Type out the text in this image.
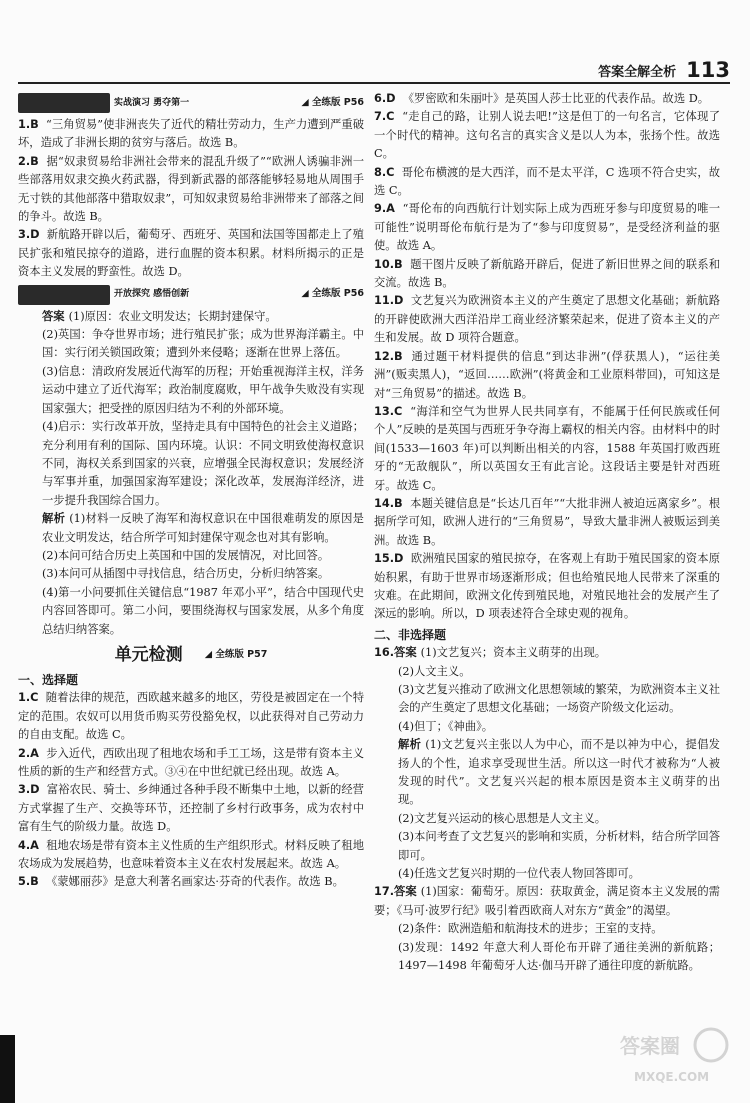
答案全解全析 113
实战演习 勇夺第一	◢ 全练版 P56

1.B “三角贸易”使非洲丧失了近代的精壮劳动力，生产力遭到严重破坏，造成了非洲长期的贫穷与落后。故选 B。

2.B 据“奴隶贸易给非洲社会带来的混乱升级了”“欧洲人诱骗非洲一些部落用奴隶交换火药武器，得到新武器的部落能够轻易地从周围手无寸铁的其他部落中猎取奴隶”，可知奴隶贸易给非洲带来了部落之间的争斗。故选 B。

3.D 新航路开辟以后，葡萄牙、西班牙、英国和法国等国都走上了殖民扩张和殖民掠夺的道路，进行血腥的资本积累。材料所揭示的正是资本主义发展的野蛮性。故选 D。

开放探究 感悟创新	◢ 全练版 P56

答案 (1)原因：农业文明发达；长期封建保守。

(2)英国：争夺世界市场；进行殖民扩张；成为世界海洋霸主。中国：实行闭关锁国政策；遭到外来侵略；逐渐在世界上落伍。

(3)信息：清政府发展近代海军的历程；开始重视海洋主权，洋务运动中建立了近代海军；政治制度腐败，甲午战争失败没有实现国家强大；把受挫的原因归结为不利的外部环境。

(4)启示：实行改革开放，坚持走具有中国特色的社会主义道路；充分利用有利的国际、国内环境。认识：不同文明致使海权意识不同，海权关系到国家的兴衰，应增强全民海权意识；发展经济与军事并重，加强国家海军建设；深化改革，发展海洋经济，进一步提升我国综合国力。

解析 (1)材料一反映了海军和海权意识在中国很难萌发的原因是农业文明发达，结合所学可知封建保守观念也对其有影响。

(2)本问可结合历史上英国和中国的发展情况，对比回答。

(3)本问可从插图中寻找信息，结合历史，分析归纳答案。

(4)第一小问要抓住关键信息“1987 年邓小平”，结合中国现代史内容回答即可。第二小问，要围绕海权与国家发展，从多个角度总结归纳答案。

单元检测 ◢ 全练版 P57

一、选择题

1.C 随着法律的规范，西欧越来越多的地区，劳役是被固定在一个特定的范围。农奴可以用货币购买劳役豁免权，以此获得对自己劳动力的自由支配。故选 C。

2.A 步入近代，西欧出现了租地农场和手工工场，这是带有资本主义性质的新的生产和经营方式。③④在中世纪就已经出现。故选 A。

3.D 富裕农民、骑士、乡绅通过各种手段不断集中土地，以新的经营方式掌握了生产、交换等环节，还控制了乡村行政事务，成为农村中富有生气的阶级力量。故选 D。

4.A 租地农场是带有资本主义性质的生产组织形式。材料反映了租地农场成为发展趋势，也意味着资本主义在农村发展起来。故选 A。

5.B 《蒙娜丽莎》是意大利著名画家达·芬奇的代表作。故选 B。

6.D 《罗密欧和朱丽叶》是英国人莎士比亚的代表作品。故选 D。

7.C “走自己的路，让别人说去吧!”这是但丁的一句名言，它体现了一个时代的精神。这句名言的真实含义是以人为本，张扬个性。故选 C。

8.C 哥伦布横渡的是大西洋，而不是太平洋，C 选项不符合史实，故选 C。

9.A “哥伦布的向西航行计划实际上成为西班牙参与印度贸易的唯一可能性”说明哥伦布航行是为了“参与印度贸易”，是受经济利益的驱使。故选 A。

10.B 题干图片反映了新航路开辟后，促进了新旧世界之间的联系和交流。故选 B。

11.D 文艺复兴为欧洲资本主义的产生奠定了思想文化基础；新航路的开辟使欧洲大西洋沿岸工商业经济繁荣起来，促进了资本主义的产生和发展。故 D 项符合题意。

12.B 通过题干材料提供的信息“到达非洲”(俘获黑人)，“运往美洲”(贩卖黑人)，“返回……欧洲”(将黄金和工业原料带回)，可知这是对“三角贸易”的描述。故选 B。

13.C “海洋和空气为世界人民共同享有，不能属于任何民族或任何个人”反映的是英国与西班牙争夺海上霸权的相关内容。由材料中的时间(1533—1603 年)可以判断出相关的内容，1588 年英国打败西班牙的“无敌舰队”，所以英国女王有此言论。这段话主要是针对西班牙。故选 C。

14.B 本题关键信息是“长达几百年”“大批非洲人被迫远离家乡”。根据所学可知，欧洲人进行的“三角贸易”，导致大量非洲人被贩运到美洲。故选 B。

15.D 欧洲殖民国家的殖民掠夺，在客观上有助于殖民国家的资本原始积累，有助于世界市场逐渐形成；但也给殖民地人民带来了深重的灾难。在此期间，欧洲文化传到殖民地，对殖民地社会的发展产生了深远的影响。所以，D 项表述符合全球史观的视角。

二、非选择题

16.答案 (1)文艺复兴；资本主义萌芽的出现。

(2)人文主义。

(3)文艺复兴推动了欧洲文化思想领域的繁荣，为欧洲资本主义社会的产生奠定了思想文化基础；一场资产阶级文化运动。

(4)但丁；《神曲》。

解析 (1)文艺复兴主张以人为中心，而不是以神为中心，提倡发扬人的个性，追求享受现世生活。所以这一时代才被称为“人被发现的时代”。文艺复兴兴起的根本原因是资本主义萌芽的出现。

(2)文艺复兴运动的核心思想是人文主义。

(3)本问考查了文艺复兴的影响和实质，分析材料，结合所学回答即可。

(4)任选文艺复兴时期的一位代表人物回答即可。

17.答案 (1)国家：葡萄牙。原因：获取黄金，满足资本主义发展的需要；《马可·波罗行纪》吸引着西欧商人对东方“黄金”的渴望。

(2)条件：欧洲造船和航海技术的进步；王室的支持。

(3)发现：1492 年意大利人哥伦布开辟了通往美洲的新航路；1497—1498 年葡萄牙人达·伽马开辟了通往印度的新航路。

答案圈
MXQE.COM
